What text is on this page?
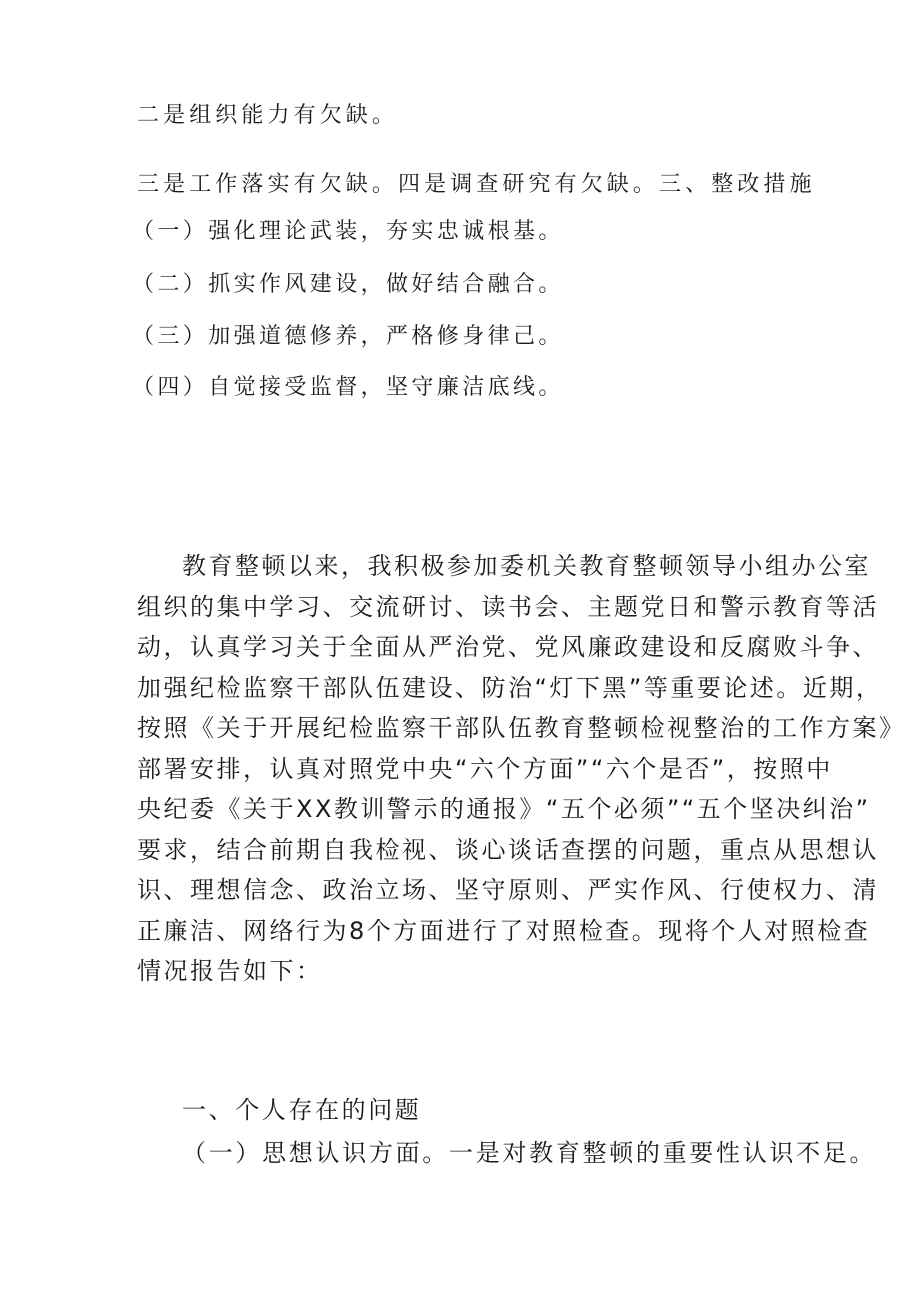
二是组织能力有欠缺。
三是工作落实有欠缺。四是调查研究有欠缺。三、整改措施
（一）强化理论武装，夯实忠诚根基。
（二）抓实作风建设，做好结合融合。
（三）加强道德修养，严格修身律己。
（四）自觉接受监督，坚守廉洁底线。
教育整顿以来，我积极参加委机关教育整顿领导小组办公室
组织的集中学习、交流研讨、读书会、主题党日和警示教育等活
动，认真学习关于全面从严治党、党风廉政建设和反腐败斗争、
加强纪检监察干部队伍建设、防治“灯下黑”等重要论述。近期，
按照《关于开展纪检监察干部队伍教育整顿检视整治的工作方案》
部署安排，认真对照党中央“六个方面”“六个是否”，按照中
央纪委《关于XX教训警示的通报》“五个必须”“五个坚决纠治”
要求，结合前期自我检视、谈心谈话查摆的问题，重点从思想认
识、理想信念、政治立场、坚守原则、严实作风、行使权力、清
正廉洁、网络行为8个方面进行了对照检查。现将个人对照检查
情况报告如下：
一、个人存在的问题
（一）思想认识方面。一是对教育整顿的重要性认识不足。
